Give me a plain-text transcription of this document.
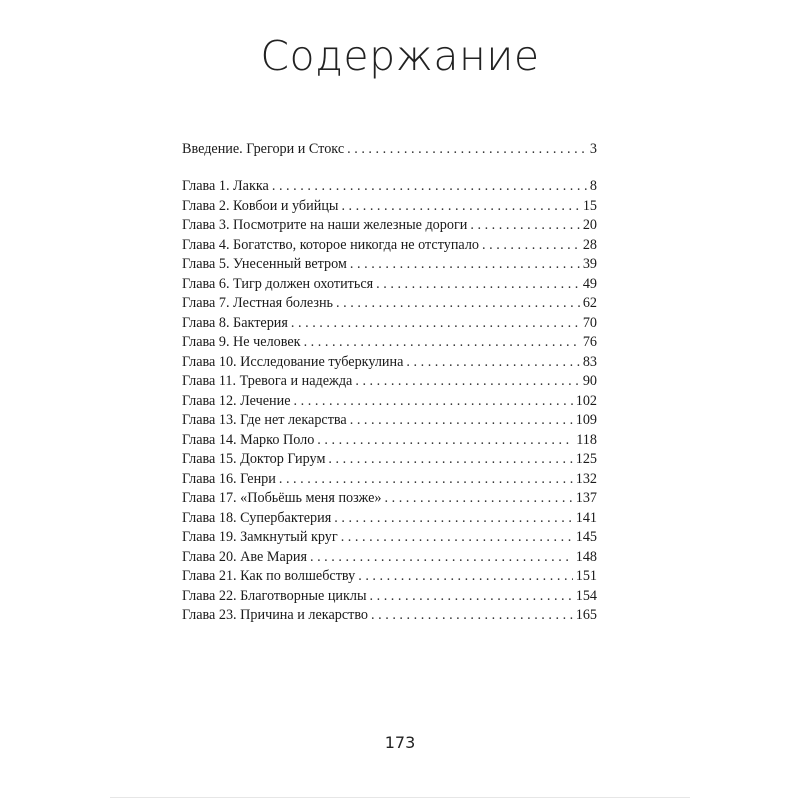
Содержание
Введение. Грегори и Стокс . . .	3
Глава 1. Лакка . . .	8
Глава 2. Ковбои и убийцы . . .	15
Глава 3. Посмотрите на наши железные дороги . . .	20
Глава 4. Богатство, которое никогда не отступало . . .	28
Глава 5. Унесенный ветром . . .	39
Глава 6. Тигр должен охотиться . . .	49
Глава 7. Лестная болезнь . . .	62
Глава 8. Бактерия . . .	70
Глава 9. Не человек . . .	76
Глава 10. Исследование туберкулина . . .	83
Глава 11. Тревога и надежда . . .	90
Глава 12. Лечение . . .	102
Глава 13. Где нет лекарства . . .	109
Глава 14. Марко Поло . . .	118
Глава 15. Доктор Гирум . . .	125
Глава 16. Генри . . .	132
Глава 17. «Побьёшь меня позже» . . .	137
Глава 18. Супербактерия . . .	141
Глава 19. Замкнутый круг . . .	145
Глава 20. Аве Мария . . .	148
Глава 21. Как по волшебству . . .	151
Глава 22. Благотворные циклы . . .	154
Глава 23. Причина и лекарство . . .	165
173
